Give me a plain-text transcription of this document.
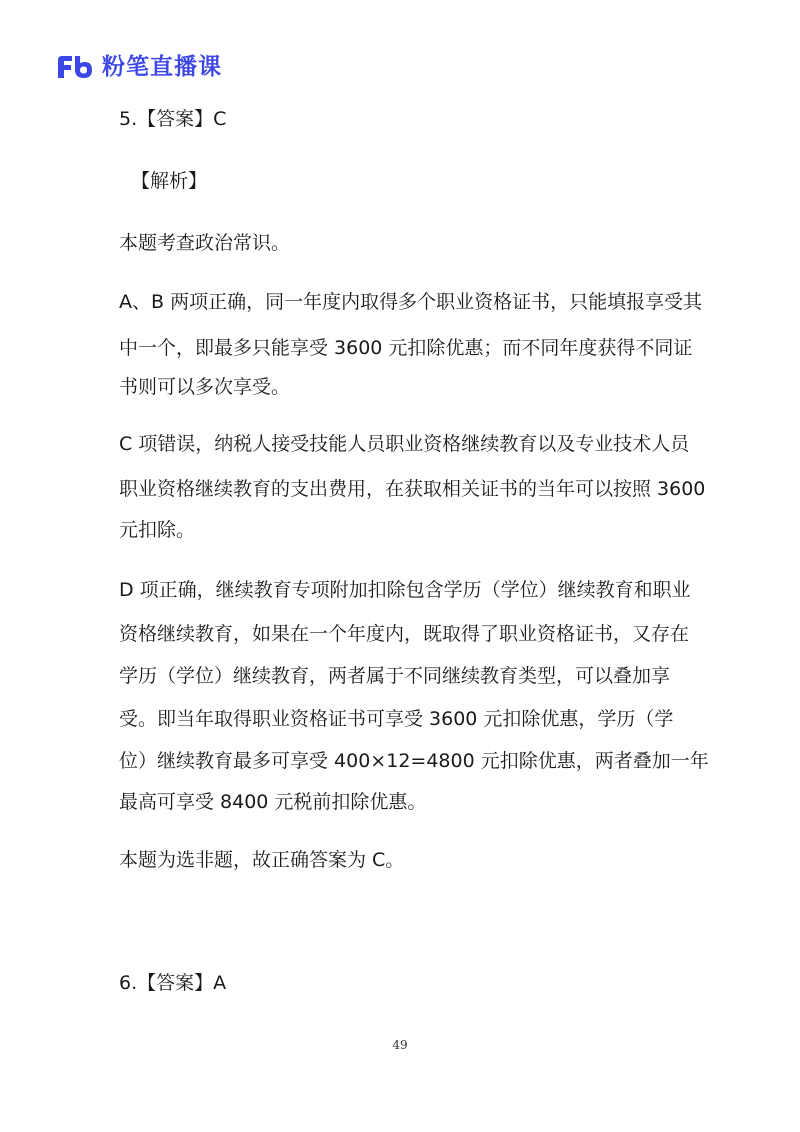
粉笔直播课

5.【答案】C

【解析】

本题考查政治常识。

A、B 两项正确，同一年度内取得多个职业资格证书，只能填报享受其

中一个，即最多只能享受 3600 元扣除优惠；而不同年度获得不同证

书则可以多次享受。

C 项错误，纳税人接受技能人员职业资格继续教育以及专业技术人员

职业资格继续教育的支出费用，在获取相关证书的当年可以按照 3600

元扣除。

D 项正确，继续教育专项附加扣除包含学历（学位）继续教育和职业

资格继续教育，如果在一个年度内，既取得了职业资格证书，又存在

学历（学位）继续教育，两者属于不同继续教育类型，可以叠加享

受。即当年取得职业资格证书可享受 3600 元扣除优惠，学历（学

位）继续教育最多可享受 400×12=4800 元扣除优惠，两者叠加一年

最高可享受 8400 元税前扣除优惠。

本题为选非题，故正确答案为 C。

6.【答案】A

49
